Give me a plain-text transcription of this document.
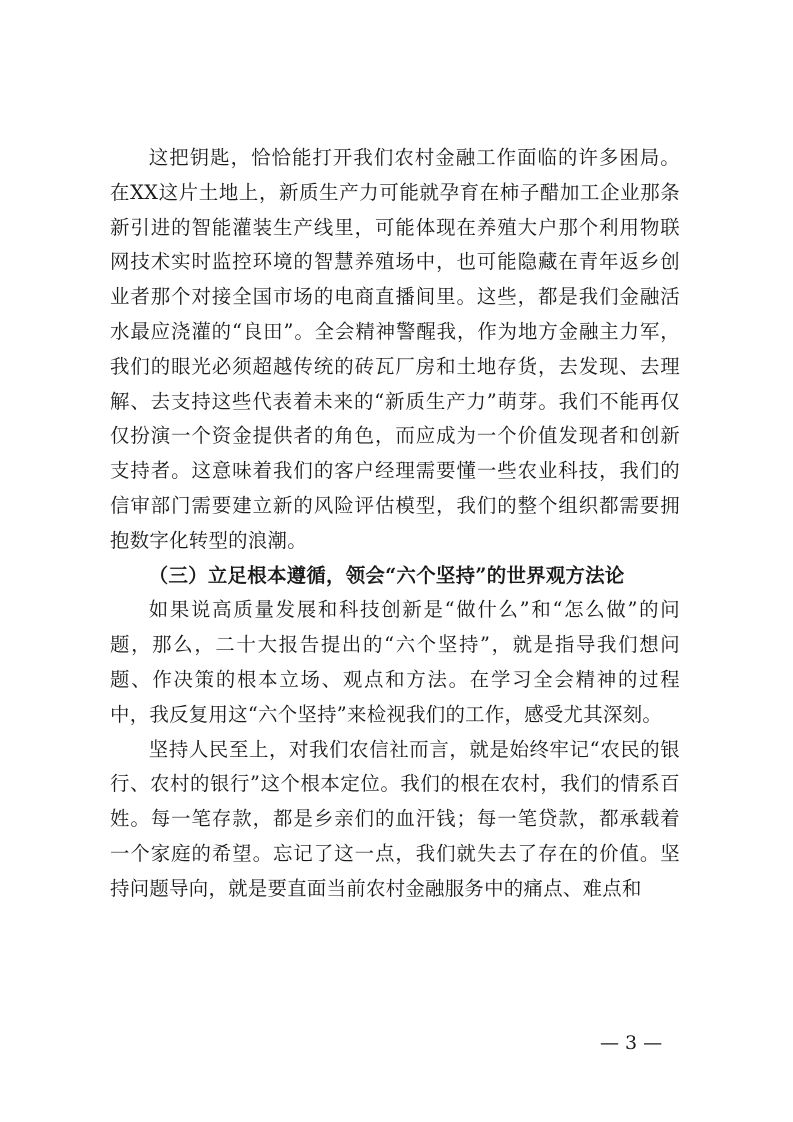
这把钥匙，恰恰能打开我们农村金融工作面临的许多困局。在XX这片土地上，新质生产力可能就孕育在柿子醋加工企业那条新引进的智能灌装生产线里，可能体现在养殖大户那个利用物联网技术实时监控环境的智慧养殖场中，也可能隐藏在青年返乡创业者那个对接全国市场的电商直播间里。这些，都是我们金融活水最应浇灌的“良田”。全会精神警醒我，作为地方金融主力军，我们的眼光必须超越传统的砖瓦厂房和土地存货，去发现、去理解、去支持这些代表着未来的“新质生产力”萌芽。我们不能再仅仅扮演一个资金提供者的角色，而应成为一个价值发现者和创新支持者。这意味着我们的客户经理需要懂一些农业科技，我们的信审部门需要建立新的风险评估模型，我们的整个组织都需要拥抱数字化转型的浪潮。

（三）立足根本遵循，领会“六个坚持”的世界观方法论

如果说高质量发展和科技创新是“做什么”和“怎么做”的问题，那么，二十大报告提出的“六个坚持”，就是指导我们想问题、作决策的根本立场、观点和方法。在学习全会精神的过程中，我反复用这“六个坚持”来检视我们的工作，感受尤其深刻。

坚持人民至上，对我们农信社而言，就是始终牢记“农民的银行、农村的银行”这个根本定位。我们的根在农村，我们的情系百姓。每一笔存款，都是乡亲们的血汗钱；每一笔贷款，都承载着一个家庭的希望。忘记了这一点，我们就失去了存在的价值。坚持问题导向，就是要直面当前农村金融服务中的痛点、难点和

— 3 —
